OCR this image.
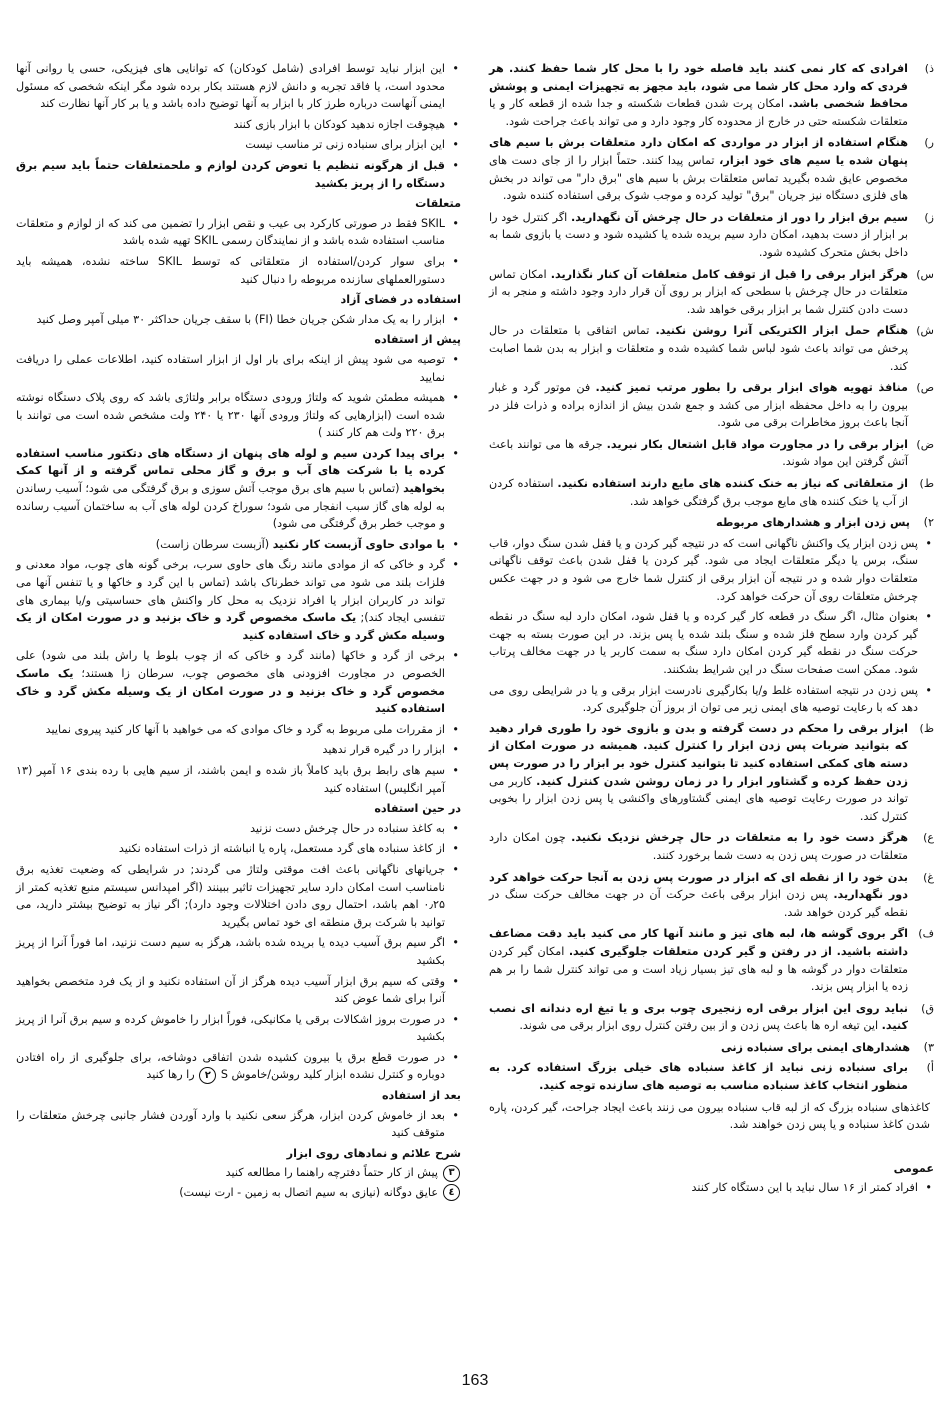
ذ)
افرادی که کار نمی کنند باید فاصله خود را با محل کار شما حفظ کنند. هر فردی که وارد محل کار شما می شود، باید مجهز به تجهیزات ایمنی و پوشش محافظ شخصی باشد. امکان پرت شدن قطعات شکسته و جدا شده از قطعه کار و یا متعلقات شکسته حتی در خارج از محدوده کار وجود دارد و می تواند باعث جراحت شود.
ر)
هنگام استفاده از ابزار در مواردی که امکان دارد متعلقات برش با سیم های پنهان شده یا سیم های خود ابزار، تماس پیدا کنند. حتماً ابزار را از جای دست های مخصوص عایق شده بگیرید تماس متعلقات برش با سیم های "برق دار" می تواند در بخش های فلزی دستگاه نیز جریان "برق" تولید کرده و موجب شوک برقی استفاده کننده شود.
ز)
سیم برق ابزار را دور از متعلقات در حال چرخش آن نگهدارید. اگر کنترل خود را بر ابزار از دست بدهید، امکان دارد سیم بریده شده یا کشیده شود و دست یا بازوی شما به داخل بخش متحرک کشیده شود.
س)
هرگز ابزار برقی را قبل از توقف کامل متعلقات آن کنار نگذارید. امکان تماس متعلقات در حال چرخش با سطحی که ابزار بر روی آن قرار دارد وجود داشته و منجر به از دست دادن کنترل شما بر ابزار برقی خواهد شد.
ش)
هنگام حمل ابزار الکتریکی آنرا روشن نکنید. تماس اتفاقی با متعلقات در حال پرخش می تواند باعث شود لباس شما کشیده شده و متعلقات و ابزار به بدن شما اصابت کند.
ص)
منافذ تهویه هوای ابزار برقی را بطور مرتب تمیز کنید. فن موتور گرد و غبار بیرون را به داخل محفظه ابزار می کشد و جمع شدن بیش از اندازه براده و ذرات فلز در آنجا باعث بروز مخاطرات برقی می شود.
ض)
ابزار برقی را در مجاورت مواد قابل اشتعال بکار نبرید. جرقه ها می توانند باعث آتش گرفتن این مواد شوند.
ط)
از متعلقاتی که نیاز به خنک کننده های مایع دارند استفاده نکنید. استفاده کردن از آب یا خنک کننده های مایع موجب برق گرفتگی خواهد شد.
۲)
پس زدن ابزار و هشدارهای مربوطه
• پس زدن ابزار یک واکنش ناگهانی است که در نتیجه گیر کردن و یا قفل شدن سنگ دوار، قاب سنگ، برس یا دیگر متعلقات ایجاد می شود. گیر کردن یا قفل شدن باعث توقف ناگهانی متعلقات دوار شده و در نتیجه آن ابزار برقی از کنترل شما خارج می شود و در جهت عکس چرخش متعلقات روی آن حرکت خواهد کرد.
• بعنوان مثال، اگر سنگ در قطعه کار گیر کرده و یا قفل شود، امکان دارد لبه سنگ در نقطه گیر کردن وارد سطح فلز شده و سنگ بلند شده یا پس بزند. در این صورت بسته به جهت حرکت سنگ در نقطه گیر کردن امکان دارد سنگ به سمت کاربر یا در جهت مخالف پرتاب شود. ممکن است صفحات سنگ در این شرایط بشکنند.
• پس زدن در نتیجه استفاده غلط و/یا بکارگیری نادرست ابزار برقی و یا در شرایطی روی می دهد که با رعایت توصیه های ایمنی زیر می توان از بروز آن جلوگیری کرد.
ظ)
ابزار برقی را محکم در دست گرفته و بدن و بازوی خود را طوری قرار دهید که بتوانید ضربات پس زدن ابزار را کنترل کنید. همیشه در صورت امکان از دسته های کمکی استفاده کنید تا بتوانید کنترل خود بر ابزار را در صورت پس زدن حفظ کرده و گشتاور ابزار را در زمان روشن شدن کنترل کنید. کاربر می تواند در صورت رعایت توصیه های ایمنی گشتاورهای واکنشی یا پس زدن ابزار را بخوبی کنترل کند.
ع)
هرگز دست خود را به متعلقات در حال چرخش نزدیک نکنید. چون امکان دارد متعلقات در صورت پس زدن به دست شما برخورد کنند.
غ)
بدن خود را از نقطه ای که ابزار در صورت پس زدن به آنجا حرکت خواهد کرد دور نگهدارید. پس زدن ابزار برقی باعث حرکت آن در جهت مخالف حرکت سنگ در نقطه گیر کردن خواهد شد.
ف)
اگر بروی گوشه ها، لبه های تیز و مانند آنها کار می کنید باید دقت مضاعف داشته باشید. از در رفتن و گیر کردن متعلقات جلوگیری کنید. امکان گیر کردن متعلقات دوار در گوشه ها و لبه های تیز بسیار زیاد است و می تواند کنترل شما را بر هم زده یا ابزار پس بزند.
ق)
نباید روی این ابزار برقی اره زنجیری چوب بری و یا تیغ اره دندانه ای نصب کنید. این تیغه اره ها باعث پس زدن و از بین رفتن کنترل روی ابزار برقی می شوند.
۳)
هشدارهای ایمنی برای سنباده زنی
أ)
برای سنباده زنی نباید از کاغذ سنباده های خیلی بزرگ استفاده کرد. به منظور انتخاب کاغذ سنباده مناسب به توصیه های سازنده توجه کنید.
کاغذهای سنباده بزرگ که از لبه قاب سنباده بیرون می زنند باعث ایجاد جراحت، گیر کردن، پاره شدن کاغذ سنباده و یا پس زدن خواهند شد.
عمومی
• افراد کمتر از ۱۶ سال نباید با این دستگاه کار کنند
• این ابزار نباید توسط افرادی (شامل کودکان) که توانایی های فیزیکی، حسی یا روانی آنها محدود است، یا فاقد تجربه و دانش لازم هستند بکار برده شود مگر اینکه شخصی که مسئول ایمنی آنهاست درباره طرز کار با ابزار به آنها توضیح داده باشد و یا بر کار آنها نظارت کند
• هیچوقت اجازه ندهید کودکان با ابزار بازی کنند
• این ابزار برای سنباده زنی تر مناسب نیست
• قبل از هرگونه تنظیم یا تعوض کردن لوازم و ملحمتعلقات حتماً باید سیم برق دستگاه را از پریز بکشید
متعلقات
• SKIL فقط در صورتی کارکرد بی عیب و نقص ابزار را تضمین می کند که از لوازم و متعلقات مناسب استفاده شده باشد و از نمایندگان رسمی SKIL تهیه شده باشد
• برای سوار کردن/استفاده از متعلقاتی که توسط SKIL ساخته نشده، همیشه باید دستورالعملهای سازنده مربوطه را دنبال کنید
استفاده در فضای آزاد
• ابزار را به یک مدار شکن جریان خطا (FI) با سقف جریان حداکثر ۳۰ میلی آمپر وصل کنید
پیش از استفاده
• توصیه می شود پیش از اینکه برای بار اول از ابزار استفاده کنید، اطلاعات عملی را دریافت نمایید
• همیشه مطمئن شوید که ولتاژ ورودی دستگاه برابر ولتاژی باشد که روی پلاک دستگاه نوشته شده است (ابزارهایی که ولتاژ ورودی آنها ۲۳۰ یا ۲۴۰ ولت مشخص شده است می توانند با برق ۲۲۰ ولت هم کار کنند )
• برای پیدا کردن سیم و لوله های پنهان از دستگاه های دتکتور مناسب استفاده کرده یا با شرکت های آب و برق و گاز محلی تماس گرفته و از آنها کمک بخواهید (تماس با سیم های برق موجب آتش سوزی و برق گرفتگی می شود؛ آسیب رساندن به لوله های گاز سبب انفجار می شود؛ سوراخ کردن لوله های آب به ساختمان آسیب رسانده و موجب خطر برق گرفتگی می شود)
• با موادی حاوی آزبست کار نکنید (آزبست سرطان زاست)
• گرد و خاکی که از موادی مانند رنگ های حاوی سرب، برخی گونه های چوب، مواد معدنی و فلزات بلند می شود می تواند خطرناک باشد (تماس با این گرد و خاکها و یا تنفس آنها می تواند در کاربران ابزار یا افراد نزدیک به محل کار واکنش های حساسیتی و/یا بیماری های تنفسی ایجاد کند); یک ماسک مخصوص گرد و خاک بزنید و در صورت امکان از یک وسیله مکش گرد و خاک استفاده کنید
• برخی از گرد و خاکها (مانند گرد و خاکی که از چوب بلوط یا راش بلند می شود) علی الخصوص در مجاورت افزودنی های مخصوص چوب، سرطان زا هستند؛ یک ماسک مخصوص گرد و خاک بزنید و در صورت امکان از یک وسیله مکش گرد و خاک استفاده کنید
• از مقررات ملی مربوط به گرد و خاک موادی که می خواهید با آنها کار کنید پیروی نمایید
• ابزار را در گیره قرار ندهید
• سیم های رابط برق باید کاملاً باز شده و ایمن باشند، از سیم هایی با رده بندی ۱۶ آمپر (۱۳ آمپر انگلیس) استفاده کنید
در حین استفاده
• به کاغذ سنباده در حال چرخش دست نزنید
• از کاغذ سنباده های گرد مستعمل، پاره یا انباشته از ذرات استفاده نکنید
• جریانهای ناگهانی باعث افت موقتی ولتاژ می گردند; در شرایطی که وضعیت تغذیه برق نامناسب است امکان دارد سایر تجهیزات تاثیر ببینند (اگر امپدانس سیستم منبع تغذیه کمتر از ۰٫۲۵ اهم باشد، احتمال روی دادن اختلالات وجود دارد); اگر نیاز به توضیح بیشتر دارید، می توانید با شرکت برق منطقه ای خود تماس بگیرید
• اگر سیم برق آسیب دیده یا بریده شده باشد، هرگز به سیم دست نزنید، اما فوراً آنرا از پریز بکشید
• وقتی که سیم برق ابزار آسیب دیده هرگز از آن استفاده نکنید و از یک فرد متخصص بخواهید آنرا برای شما عوض کند
• در صورت بروز اشکالات برقی یا مکانیکی، فوراً ابزار را خاموش کرده و سیم برق آنرا از پریز بکشید
• در صورت قطع برق یا بیرون کشیده شدن اتفاقی دوشاخه، برای جلوگیری از راه افتادن دوباره و کنترل نشده ابزار کلید روشن/خاموش S ۲ را رها کنید
بعد از استفاده
• بعد از خاموش کردن ابزار، هرگز سعی نکنید با وارد آوردن فشار جانبی چرخش متعلقات را متوقف کنید
شرح علائم و نمادهای روی ابزار
۳
پیش از کار حتماً دفترچه راهنما را مطالعه کنید
٤
عایق دوگانه (نیازی به سیم اتصال به زمین - ارت نیست)
163
